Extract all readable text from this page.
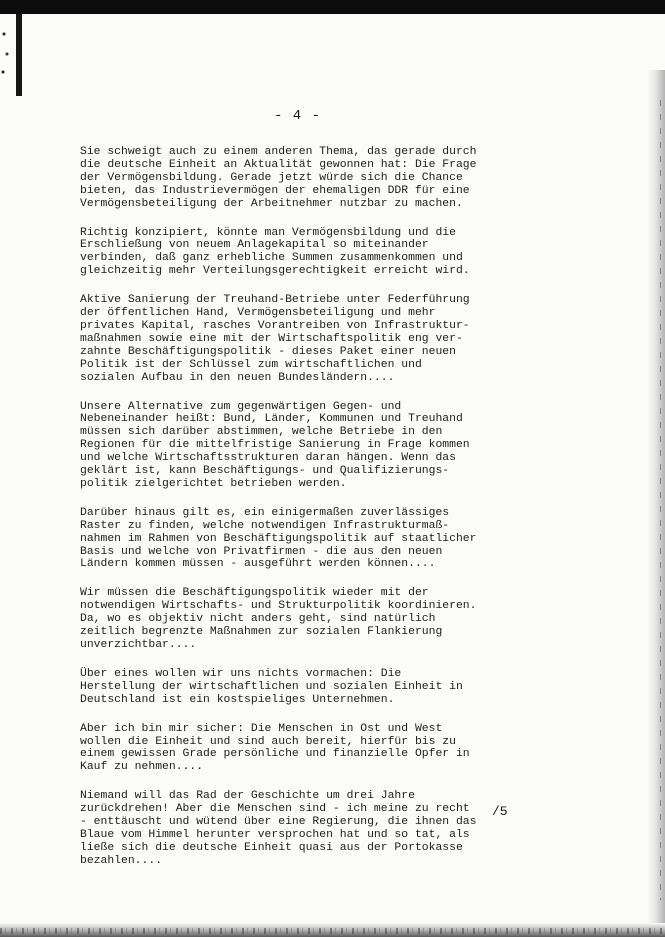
- 4 -

Sie schweigt auch zu einem anderen Thema, das gerade durch
die deutsche Einheit an Aktualität gewonnen hat: Die Frage
der Vermögensbildung. Gerade jetzt würde sich die Chance
bieten, das Industrievermögen der ehemaligen DDR für eine
Vermögensbeteiligung der Arbeitnehmer nutzbar zu machen.

Richtig konzipiert, könnte man Vermögensbildung und die
Erschließung von neuem Anlagekapital so miteinander
verbinden, daß ganz erhebliche Summen zusammenkommen und
gleichzeitig mehr Verteilungsgerechtigkeit erreicht wird.

Aktive Sanierung der Treuhand-Betriebe unter Federführung
der öffentlichen Hand, Vermögensbeteiligung und mehr
privates Kapital, rasches Vorantreiben von Infrastruktur-
maßnahmen sowie eine mit der Wirtschaftspolitik eng ver-
zahnte Beschäftigungspolitik - dieses Paket einer neuen
Politik ist der Schlüssel zum wirtschaftlichen und
sozialen Aufbau in den neuen Bundesländern....

Unsere Alternative zum gegenwärtigen Gegen- und
Nebeneinander heißt: Bund, Länder, Kommunen und Treuhand
müssen sich darüber abstimmen, welche Betriebe in den
Regionen für die mittelfristige Sanierung in Frage kommen
und welche Wirtschaftsstrukturen daran hängen. Wenn das
geklärt ist, kann Beschäftigungs- und Qualifizierungs-
politik zielgerichtet betrieben werden.

Darüber hinaus gilt es, ein einigermaßen zuverlässiges
Raster zu finden, welche notwendigen Infrastrukturmaß-
nahmen im Rahmen von Beschäftigungspolitik auf staatlicher
Basis und welche von Privatfirmen - die aus den neuen
Ländern kommen müssen - ausgeführt werden können....

Wir müssen die Beschäftigungspolitik wieder mit der
notwendigen Wirtschafts- und Strukturpolitik koordinieren.
Da, wo es objektiv nicht anders geht, sind natürlich
zeitlich begrenzte Maßnahmen zur sozialen Flankierung
unverzichtbar....

Über eines wollen wir uns nichts vormachen: Die
Herstellung der wirtschaftlichen und sozialen Einheit in
Deutschland ist ein kostspieliges Unternehmen.

Aber ich bin mir sicher: Die Menschen in Ost und West
wollen die Einheit und sind auch bereit, hierfür bis zu
einem gewissen Grade persönliche und finanzielle Opfer in
Kauf zu nehmen....

Niemand will das Rad der Geschichte um drei Jahre
zurückdrehen! Aber die Menschen sind - ich meine zu recht
- enttäuscht und wütend über eine Regierung, die ihnen das
Blaue vom Himmel herunter versprochen hat und so tat, als
ließe sich die deutsche Einheit quasi aus der Portokasse
bezahlen....

/5
